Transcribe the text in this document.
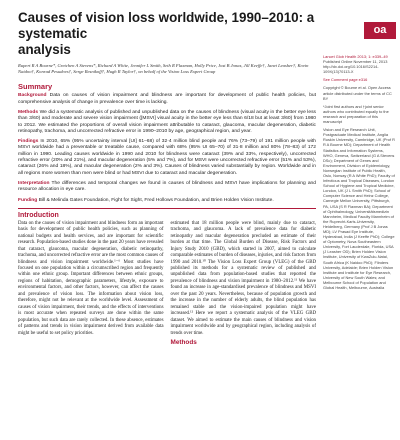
oa
Causes of vision loss worldwide, 1990–2010: a systematic
analysis
Rupert R A Bourne*, Gretchen A Stevens*, Richard A White, Jennifer L Smith, Seth R Flaxman, Holly Price, Jost B Jonas, Jill Keeffe†, Janet Leasher†, Kovin Naidoo†, Konrad Pesudovs†, Serge Resnikoff†, Hugh R Taylor†, on behalf of the Vision Loss Expert Group
Summary

Background Data on causes of vision impairment and blindness are important for development of public health policies, but comprehensive analysis of change in prevalence over time is lacking.

Methods We did a systematic analysis of published and unpublished data on the causes of blindness (visual acuity in the better eye less than 3/60) and moderate and severe vision impairment ([MSVI] visual acuity in the better eye less than 6/18 but at least 3/60) from 1980 to 2012. We estimated the proportions of overall vision impairment attributable to cataract, glaucoma, macular degeneration, diabetic retinopathy, trachoma, and uncorrected refractive error in 1990–2010 by age, geographical region, and year.

Findings In 2010, 65% (95% uncertainty interval [UI] 61–68) of 32·4 million blind people and 76% (73–79) of 191 million people with MSVI worldwide had a preventable or treatable cause, compared with 68% (95% UI 65–70) of 31·8 million and 80% (78–83) of 172 million in 1990. Leading causes worldwide in 1990 and 2010 for blindness were cataract (39% and 33%, respectively), uncorrected refractive error (20% and 21%), and macular degeneration (5% and 7%), and for MSVI were uncorrected refractive error (51% and 53%), cataract (26% and 18%), and macular degeneration (2% and 3%). Causes of blindness varied substantially by region. Worldwide and in all regions more women than men were blind or had MSVI due to cataract and macular degeneration.

Interpretation The differences and temporal changes we found in causes of blindness and MSVI have implications for planning and resource allocation in eye care.

Funding Bill & Melinda Gates Foundation, Fight for Sight, Fred Hollows Foundation, and Brien Holden Vision Institute.

Introduction
Data on the causes of vision impairment and blindness form an important basis for development of public health policies, such as planning of national budgets and health services, and are important for scientific research. Population-based studies done in the past 20 years have revealed that cataract, glaucoma, macular degeneration, diabetic retinopathy, trachoma, and uncorrected refractive error are the most common causes of blindness and vision impairment worldwide.¹⁻⁶ Most studies have focused on one population within a circumscribed region and frequently within one ethnic group. Important differences between ethnic groups, regions of habitation, demographic parameters, lifestyle, exposure to environmental factors, and other factors, however, can affect the causes and prevalence of vision loss. The information about vision loss, therefore, might not be relevant at the worldwide level. Assessment of causes of vision impairment, their trends, and the effects of interventions is most accurate when repeated surveys are done within the same population, but such data are rarely collected. In these absence, estimates of patterns and trends in vision impairment derived from available data might be useful to set policy priorities.
estimated that 18 million people were blind, mainly due to cataract, trachoma, and glaucoma. A lack of prevalence data for diabetic retinopathy and macular degeneration precluded an estimate of their burden at that time. The Global Burden of Disease, Risk Factors and Injury Study 2010 (GBD), which started in 2007, aimed to calculate comparable estimates of burden of diseases, injuries, and risk factors from 1990 and 2010.¹⁰ The Vision Loss Expert Group (VLEG) of the GBD published its methods for a systematic review of published and unpublished data from population-based studies that reported the prevalence of blindness and vision impairment in 1980–2012.¹¹ We have found an increase in age-standardised prevalence of blindness and MSVI over the past 20 years. Nevertheless, because of population growth and the increase in the number of elderly adults, the blind population has remained stable and the vision-impaired population might have increased.¹² Here we report a systematic analysis of the VLEG GBD dataset. We aimed to estimate the main causes of blindness and vision impairment worldwide and by geographical region, including analysis of trends over time.
Methods
Lancet Glob Health 2013; 1: e339–49
Published Online November 11, 2013 http://dx.doi.org/10.1016/S2214-109X(13)70113-X
See Comment page e316
Copyright © Bourne et al. Open Access article distributed under the terms of CC BY
*Joint first authors and †joint senior authors who contributed equally to the research and preparation of this manuscript
Vision and Eye Research Unit, Postgraduate Medical Institute, Anglia Ruskin University, Cambridge, UK (Prof R R A Bourne MD); Department of Health Statistics and Information Systems, WHO, Geneva, Switzerland (G A Stevens DSc); Department of Genes and Environment, Division of Epidemiology, Norwegian Institute of Public Health, Oslo, Norway (R A White PhD); Faculty of Infectious and Tropical Diseases, London School of Hygiene and Tropical Medicine, London, UK (J L Smith PhD); School of Computer Science and Heinz College, Carnegie Mellon University, Pittsburgh, PA, USA (S R Flaxman BA); Department of Ophthalmology, Universitätsmedizin Mannheim, Medical Faculty Mannheim of the Ruprecht-Karls-University, Heidelberg, Germany (Prof J B Jonas MD); LV Prasad Eye Institute, Hyderabad, India (J Keeffe PhD); College of Optometry, Nova Southeastern University, Fort Lauderdale, Florida, USA (J Leasher OD); Brien Holden Vision Institute, University of KwaZulu-Natal, South Africa (K Naidoo PhD); Flinders University, Adelaide; Brien Holden Vision Institute and Institute for Eye Research, University of New South Wales; and Melbourne School of Population and Global Health, Melbourne, Australia
